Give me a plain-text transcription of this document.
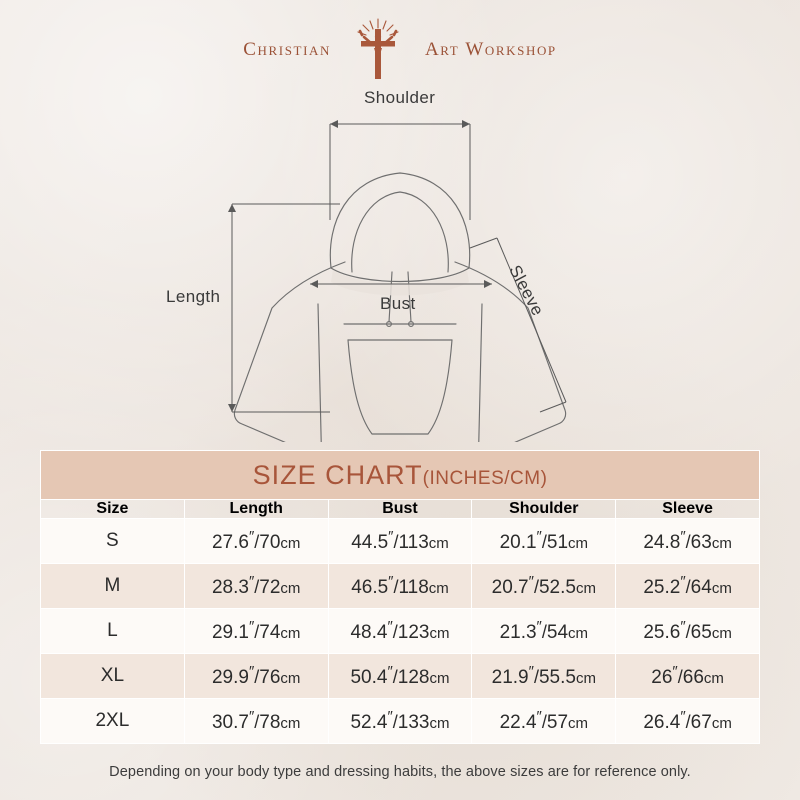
Christian	Art Workshop
Shoulder
Bust
Length	Sleeve
SIZE CHART(INCHES/CM)				
Size	Length	Bust	Shoulder	Sleeve
S	27.6″/70cm	44.5″/113cm	20.1″/51cm	24.8″/63cm
M	28.3″/72cm	46.5″/118cm	20.7″/52.5cm	25.2″/64cm
L	29.1″/74cm	48.4″/123cm	21.3″/54cm	25.6″/65cm
XL	29.9″/76cm	50.4″/128cm	21.9″/55.5cm	26″/66cm
2XL	30.7″/78cm	52.4″/133cm	22.4″/57cm	26.4″/67cm
Depending on your body type and dressing habits, the above sizes are for reference only.
